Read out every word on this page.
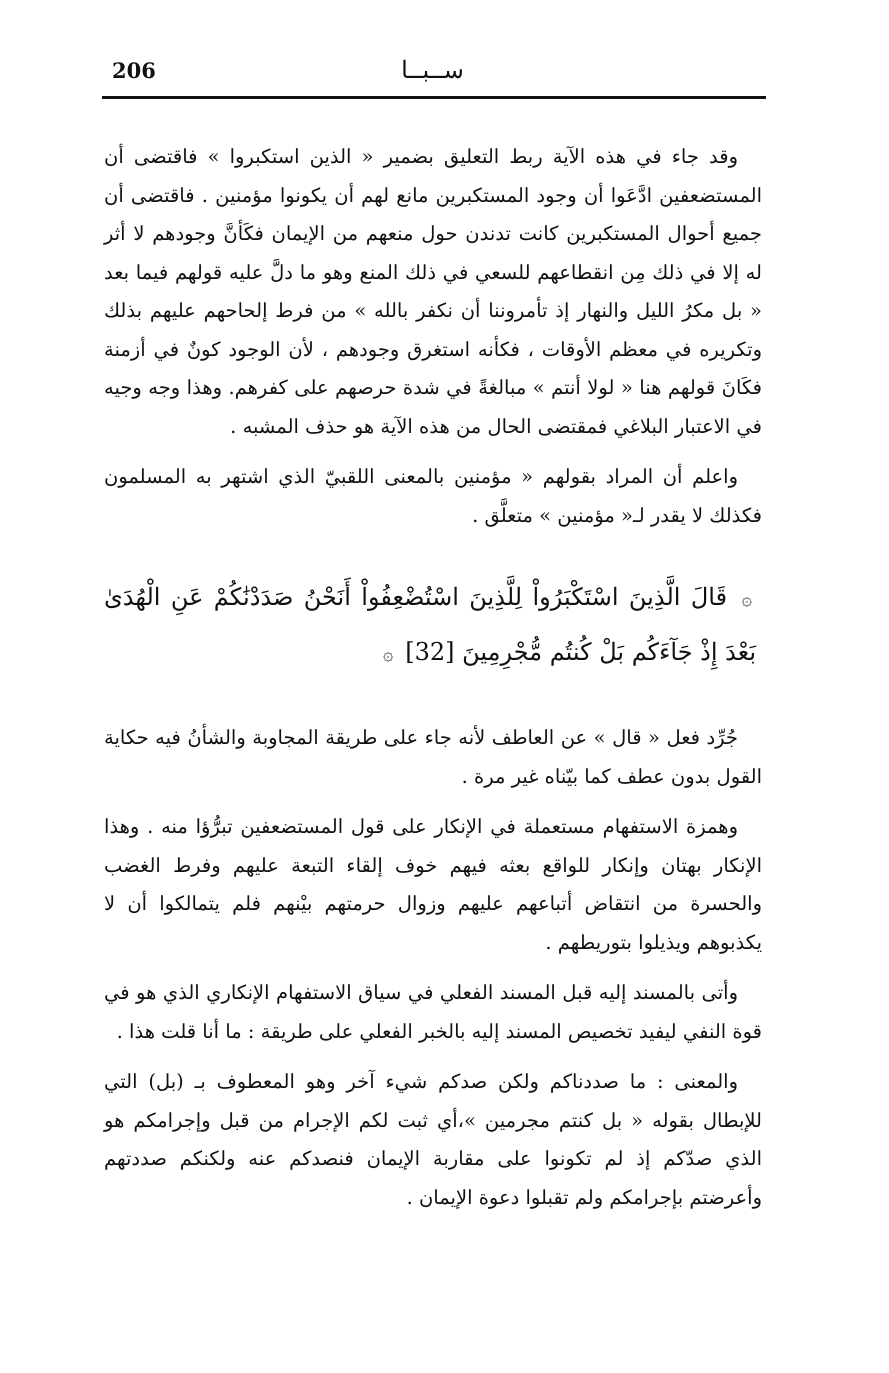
206	ســبــا

وقد جاء في هذه الآية ربط التعليق بضمير « الذين استكبروا » فاقتضى أن المستضعفين ادَّعَوا أن وجود المستكبرين مانع لهم أن يكونوا مؤمنين . فاقتضى أن جميع أحوال المستكبرين كانت تدندن حول منعهم من الإيمان فكَأنَّ وجودهم لا أثر له إلا في ذلك مِن انقطاعهم للسعي في ذلك المنع وهو ما دلَّ عليه قولهم فيما بعد « بل مكرُ الليل والنهار إذ تأمروننا أن نكفر بالله » من فرط إلحاحهم عليهم بذلك وتكريره في معظم الأوقات ، فكأنه استغرق وجودهم ، لأن الوجود كونٌ في أزمنة فكَانَ قولهم هنا « لولا أنتم » مبالغةً في شدة حرصهم على كفرهم. وهذا وجه وجيه في الاعتبار البلاغي فمقتضى الحال من هذه الآية هو حذف المشبه .

واعلم أن المراد بقولهم « مؤمنين بالمعنى اللقبيّ الذي اشتهر به المسلمون فكذلك لا يقدر لـ« مؤمنين » متعلَّق .

۞ قَالَ الَّذِينَ اسْتَكْبَرُواْ لِلَّذِينَ اسْتُضْعِفُواْ أَنَحْنُ صَدَدْنَٰكُمْ عَنِ الْهُدَىٰ بَعْدَ إِذْ جَآءَكُم بَلْ كُنتُم مُّجْرِمِينَ [32] ۞

جُرِّد فعل « قال » عن العاطف لأنه جاء على طريقة المجاوبة والشأنُ فيه حكاية القول بدون عطف كما بيّناه غير مرة .

وهمزة الاستفهام مستعملة في الإنكار على قول المستضعفين تبرُّؤا منه . وهذا الإنكار بهتان وإنكار للواقع بعثه فيهم خوف إلقاء التبعة عليهم وفرط الغضب والحسرة من انتقاض أتباعهم عليهم وزوال حرمتهم بيْنهم فلم يتمالكوا أن لا يكذبوهم ويذيلوا بتوريطهم .

وأتى بالمسند إليه قبل المسند الفعلي في سياق الاستفهام الإنكاري الذي هو في قوة النفي ليفيد تخصيص المسند إليه بالخبر الفعلي على طريقة : ما أنا قلت هذا .

والمعنى : ما صددناكم ولكن صدكم شيء آخر وهو المعطوف بـ (بل) التي للإبطال بقوله « بل كنتم مجرمين »،أي ثبت لكم الإجرام من قبل وإجرامكم هو الذي صدّكم إذ لم تكونوا على مقاربة الإيمان فنصدكم عنه ولكنكم صددتهم وأعرضتم بإجرامكم ولم تقبلوا دعوة الإيمان .
